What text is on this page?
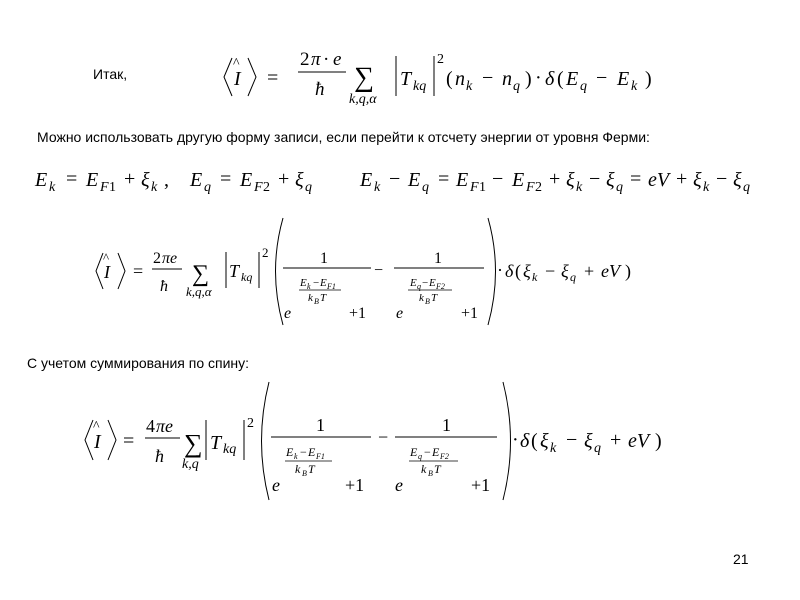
Итак,
Можно использовать другую форму записи, если перейти к отсчету энергии от уровня Ферми:
С учетом суммирования по спину:
21
I
^
=
2 π · e
ħ ∑
k,q,α
T kq
2
( n k − n q ) · δ ( E q − E k )
E k = E F 1 + ξ k , E q = E F 2 + ξ q E k − E q = E F 1 − E F 2 + ξ k − ξ q = eV + ξ k − ξ q
I
^
=
2 πe
ħ ∑
k,q,α
T kq
2	1
E k − E F1
k B T
e	+1
−
1
E q − E F2
k B T
e	+1
· δ ( ξ k − ξ q + eV )
I
^
=
4 πe
ħ ∑
k,q
T kq
2	1
E k − E F1
k B T
e	+1
−
1
E q − E F2
k B T
e	+1
· δ ( ξ k − ξ q + eV )
